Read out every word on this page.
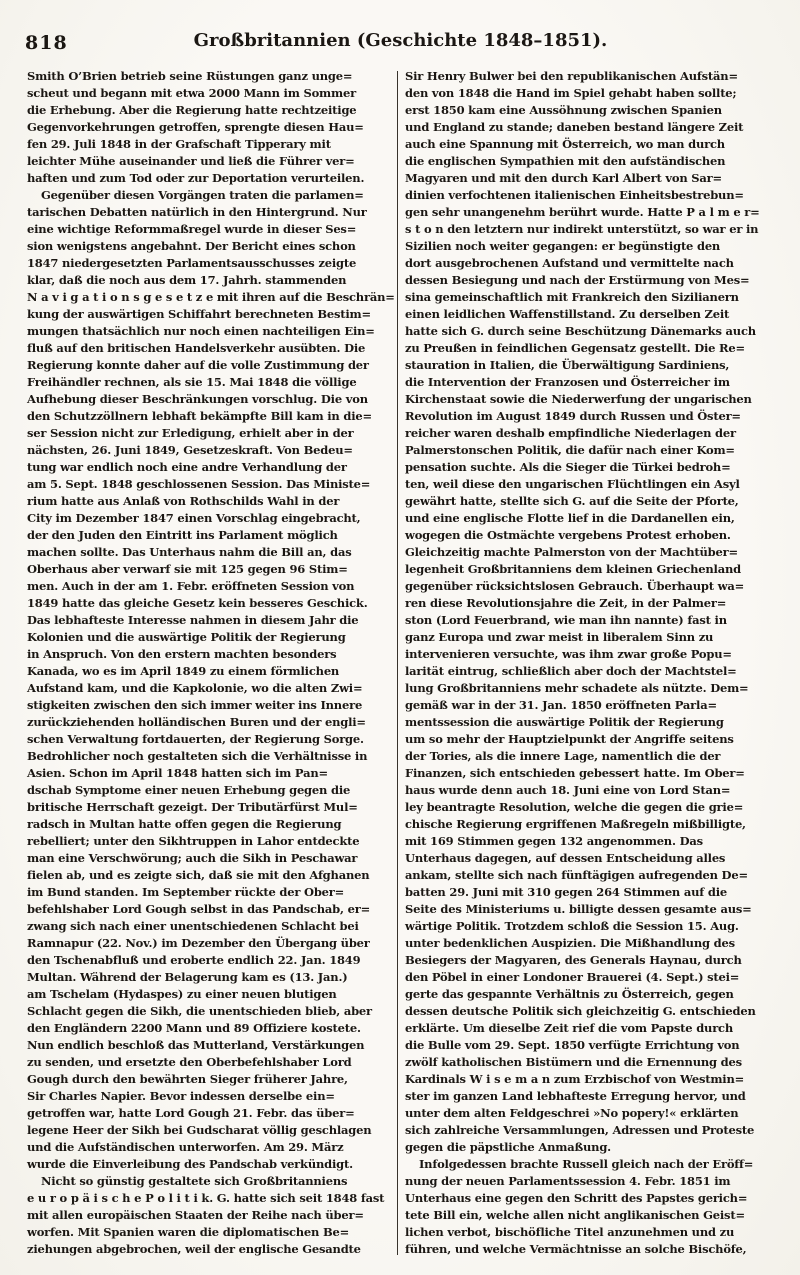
818	Großbritannien (Geschichte 1848–1851).
Smith O’Brien betrieb seine Rüstungen ganz unge=
scheut und begann mit etwa 2000 Mann im Sommer
die Erhebung. Aber die Regierung hatte rechtzeitige
Gegenvorkehrungen getroffen, sprengte diesen Hau=
fen 29. Juli 1848 in der Grafschaft Tipperary mit
leichter Mühe auseinander und ließ die Führer ver=
haften und zum Tod oder zur Deportation verurteilen.
Gegenüber diesen Vorgängen traten die parlamen=
tarischen Debatten natürlich in den Hintergrund. Nur
eine wichtige Reformmaßregel wurde in dieser Ses=
sion wenigstens angebahnt. Der Bericht eines schon
1847 niedergesetzten Parlamentsausschusses zeigte
klar, daß die noch aus dem 17. Jahrh. stammenden
N a v i g a t i o n s g e s e t z e mit ihren auf die Beschrän=
kung der auswärtigen Schiffahrt berechneten Bestim=
mungen thatsächlich nur noch einen nachteiligen Ein=
fluß auf den britischen Handelsverkehr ausübten. Die
Regierung konnte daher auf die volle Zustimmung der
Freihändler rechnen, als sie 15. Mai 1848 die völlige
Aufhebung dieser Beschränkungen vorschlug. Die von
den Schutzzöllnern lebhaft bekämpfte Bill kam in die=
ser Session nicht zur Erledigung, erhielt aber in der
nächsten, 26. Juni 1849, Gesetzeskraft. Von Bedeu=
tung war endlich noch eine andre Verhandlung der
am 5. Sept. 1848 geschlossenen Session. Das Ministe=
rium hatte aus Anlaß von Rothschilds Wahl in der
City im Dezember 1847 einen Vorschlag eingebracht,
der den Juden den Eintritt ins Parlament möglich
machen sollte. Das Unterhaus nahm die Bill an, das
Oberhaus aber verwarf sie mit 125 gegen 96 Stim=
men. Auch in der am 1. Febr. eröffneten Session von
1849 hatte das gleiche Gesetz kein besseres Geschick.
Das lebhafteste Interesse nahmen in diesem Jahr die
Kolonien und die auswärtige Politik der Regierung
in Anspruch. Von den erstern machten besonders
Kanada, wo es im April 1849 zu einem förmlichen
Aufstand kam, und die Kapkolonie, wo die alten Zwi=
stigkeiten zwischen den sich immer weiter ins Innere
zurückziehenden holländischen Buren und der engli=
schen Verwaltung fortdauerten, der Regierung Sorge.
Bedrohlicher noch gestalteten sich die Verhältnisse in
Asien. Schon im April 1848 hatten sich im Pan=
dschab Symptome einer neuen Erhebung gegen die
britische Herrschaft gezeigt. Der Tributärfürst Mul=
radsch in Multan hatte offen gegen die Regierung
rebelliert; unter den Sikhtruppen in Lahor entdeckte
man eine Verschwörung; auch die Sikh in Peschawar
fielen ab, und es zeigte sich, daß sie mit den Afghanen
im Bund standen. Im September rückte der Ober=
befehlshaber Lord Gough selbst in das Pandschab, er=
zwang sich nach einer unentschiedenen Schlacht bei
Ramnapur (22. Nov.) im Dezember den Übergang über
den Tschenabfluß und eroberte endlich 22. Jan. 1849
Multan. Während der Belagerung kam es (13. Jan.)
am Tschelam (Hydaspes) zu einer neuen blutigen
Schlacht gegen die Sikh, die unentschieden blieb, aber
den Engländern 2200 Mann und 89 Offiziere kostete.
Nun endlich beschloß das Mutterland, Verstärkungen
zu senden, und ersetzte den Oberbefehlshaber Lord
Gough durch den bewährten Sieger früherer Jahre,
Sir Charles Napier. Bevor indessen derselbe ein=
getroffen war, hatte Lord Gough 21. Febr. das über=
legene Heer der Sikh bei Gudscharat völlig geschlagen
und die Aufständischen unterworfen. Am 29. März
wurde die Einverleibung des Pandschab verkündigt.
Nicht so günstig gestaltete sich Großbritanniens
e u r o p ä i s c h e P o l i t i k. G. hatte sich seit 1848 fast
mit allen europäischen Staaten der Reihe nach über=
worfen. Mit Spanien waren die diplomatischen Be=
ziehungen abgebrochen, weil der englische Gesandte
Sir Henry Bulwer bei den republikanischen Aufstän=
den von 1848 die Hand im Spiel gehabt haben sollte;
erst 1850 kam eine Aussöhnung zwischen Spanien
und England zu stande; daneben bestand längere Zeit
auch eine Spannung mit Österreich, wo man durch
die englischen Sympathien mit den aufständischen
Magyaren und mit den durch Karl Albert von Sar=
dinien verfochtenen italienischen Einheitsbestrebun=
gen sehr unangenehm berührt wurde. Hatte P a l m e r=
s t o n den letztern nur indirekt unterstützt, so war er in
Sizilien noch weiter gegangen: er begünstigte den
dort ausgebrochenen Aufstand und vermittelte nach
dessen Besiegung und nach der Erstürmung von Mes=
sina gemeinschaftlich mit Frankreich den Sizilianern
einen leidlichen Waffenstillstand. Zu derselben Zeit
hatte sich G. durch seine Beschützung Dänemarks auch
zu Preußen in feindlichen Gegensatz gestellt. Die Re=
stauration in Italien, die Überwältigung Sardiniens,
die Intervention der Franzosen und Österreicher im
Kirchenstaat sowie die Niederwerfung der ungarischen
Revolution im August 1849 durch Russen und Öster=
reicher waren deshalb empfindliche Niederlagen der
Palmerstonschen Politik, die dafür nach einer Kom=
pensation suchte. Als die Sieger die Türkei bedroh=
ten, weil diese den ungarischen Flüchtlingen ein Asyl
gewährt hatte, stellte sich G. auf die Seite der Pforte,
und eine englische Flotte lief in die Dardanellen ein,
wogegen die Ostmächte vergebens Protest erhoben.
Gleichzeitig machte Palmerston von der Machtüber=
legenheit Großbritanniens dem kleinen Griechenland
gegenüber rücksichtslosen Gebrauch. Überhaupt wa=
ren diese Revolutionsjahre die Zeit, in der Palmer=
ston (Lord Feuerbrand, wie man ihn nannte) fast in
ganz Europa und zwar meist in liberalem Sinn zu
intervenieren versuchte, was ihm zwar große Popu=
larität eintrug, schließlich aber doch der Machtstel=
lung Großbritanniens mehr schadete als nützte. Dem=
gemäß war in der 31. Jan. 1850 eröffneten Parla=
mentssession die auswärtige Politik der Regierung
um so mehr der Hauptzielpunkt der Angriffe seitens
der Tories, als die innere Lage, namentlich die der
Finanzen, sich entschieden gebessert hatte. Im Ober=
haus wurde denn auch 18. Juni eine von Lord Stan=
ley beantragte Resolution, welche die gegen die grie=
chische Regierung ergriffenen Maßregeln mißbilligte,
mit 169 Stimmen gegen 132 angenommen. Das
Unterhaus dagegen, auf dessen Entscheidung alles
ankam, stellte sich nach fünftägigen aufregenden De=
batten 29. Juni mit 310 gegen 264 Stimmen auf die
Seite des Ministeriums u. billigte dessen gesamte aus=
wärtige Politik. Trotzdem schloß die Session 15. Aug.
unter bedenklichen Auspizien. Die Mißhandlung des
Besiegers der Magyaren, des Generals Haynau, durch
den Pöbel in einer Londoner Brauerei (4. Sept.) stei=
gerte das gespannte Verhältnis zu Österreich, gegen
dessen deutsche Politik sich gleichzeitig G. entschieden
erklärte. Um dieselbe Zeit rief die vom Papste durch
die Bulle vom 29. Sept. 1850 verfügte Errichtung von
zwölf katholischen Bistümern und die Ernennung des
Kardinals W i s e m a n zum Erzbischof von Westmin=
ster im ganzen Land lebhafteste Erregung hervor, und
unter dem alten Feldgeschrei »No popery!« erklärten
sich zahlreiche Versammlungen, Adressen und Proteste
gegen die päpstliche Anmaßung.
Infolgedessen brachte Russell gleich nach der Eröff=
nung der neuen Parlamentssession 4. Febr. 1851 im
Unterhaus eine gegen den Schritt des Papstes gerich=
tete Bill ein, welche allen nicht anglikanischen Geist=
lichen verbot, bischöfliche Titel anzunehmen und zu
führen, und welche Vermächtnisse an solche Bischöfe,
